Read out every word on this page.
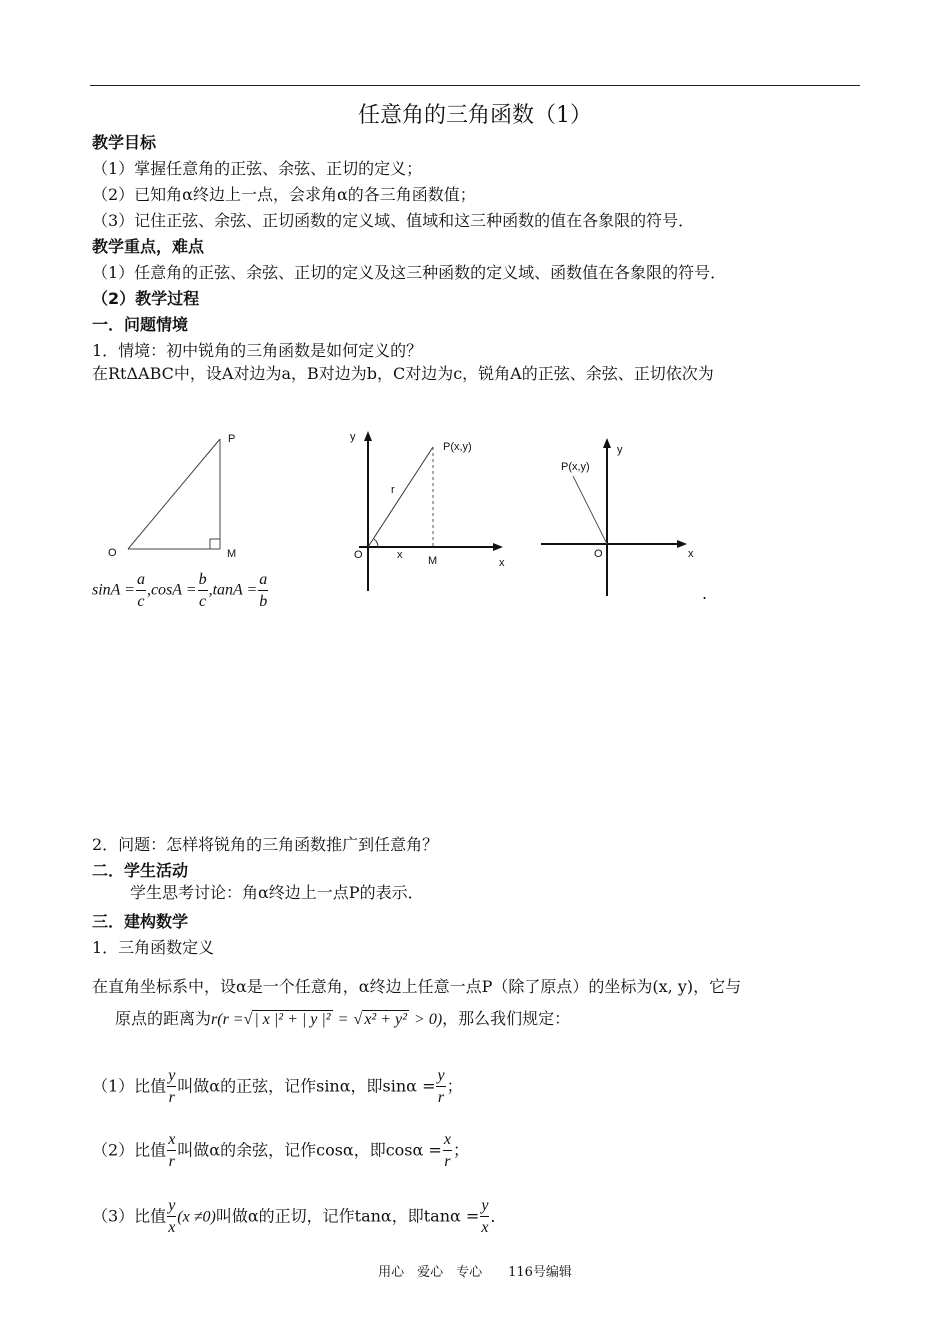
任意角的三角函数（1）
教学目标
（1）掌握任意角的正弦、余弦、正切的定义；
（2）已知角α终边上一点，会求角α的各三角函数值；
（3）记住正弦、余弦、正切函数的定义域、值域和这三种函数的值在各象限的符号．
教学重点，难点
（1）任意角的正弦、余弦、正切的定义及这三种函数的定义域、函数值在各象限的符号．
（2）教学过程
一．问题情境
1．情境：初中锐角的三角函数是如何定义的？
在RtΔABC中，设A对边为a，B对边为b，C对边为c，锐角A的正弦、余弦、正切依次为
O
P
M
y
P(x,y)
r
O	x M	x
y
P(x,y)
O	x
$\sin A = \frac{a}{c} ,\cos A = \frac{b}{c} ,\tan A = \frac{a}{b}$	.
2．问题：怎样将锐角的三角函数推广到任意角？
二．学生活动
学生思考讨论：角α终边上一点P的表示．
三．建构数学
1．三角函数定义
在直角坐标系中，设α是一个任意角，α终边上任意一点P（除了原点）的坐标为(x, y)，它与
原点的距离为r(r =√ | x |² + | y |² = √ x² + y² > 0)，那么我们规定：
（1）比值 $\frac{y}{r}$ 叫做α的正弦，记作sinα，即$\sin\alpha = \frac{y}{r}$ ；
（2）比值 $\frac{x}{r}$ 叫做α的余弦，记作cosα，即$\cos\alpha = \frac{x}{r}$ ；
（3）比值 $\frac{y}{x} (x \ne 0)$叫做α的正切，记作tanα，即$\tan\alpha = \frac{y}{x}$ ．
用心　爱心　专心　　116号编辑
